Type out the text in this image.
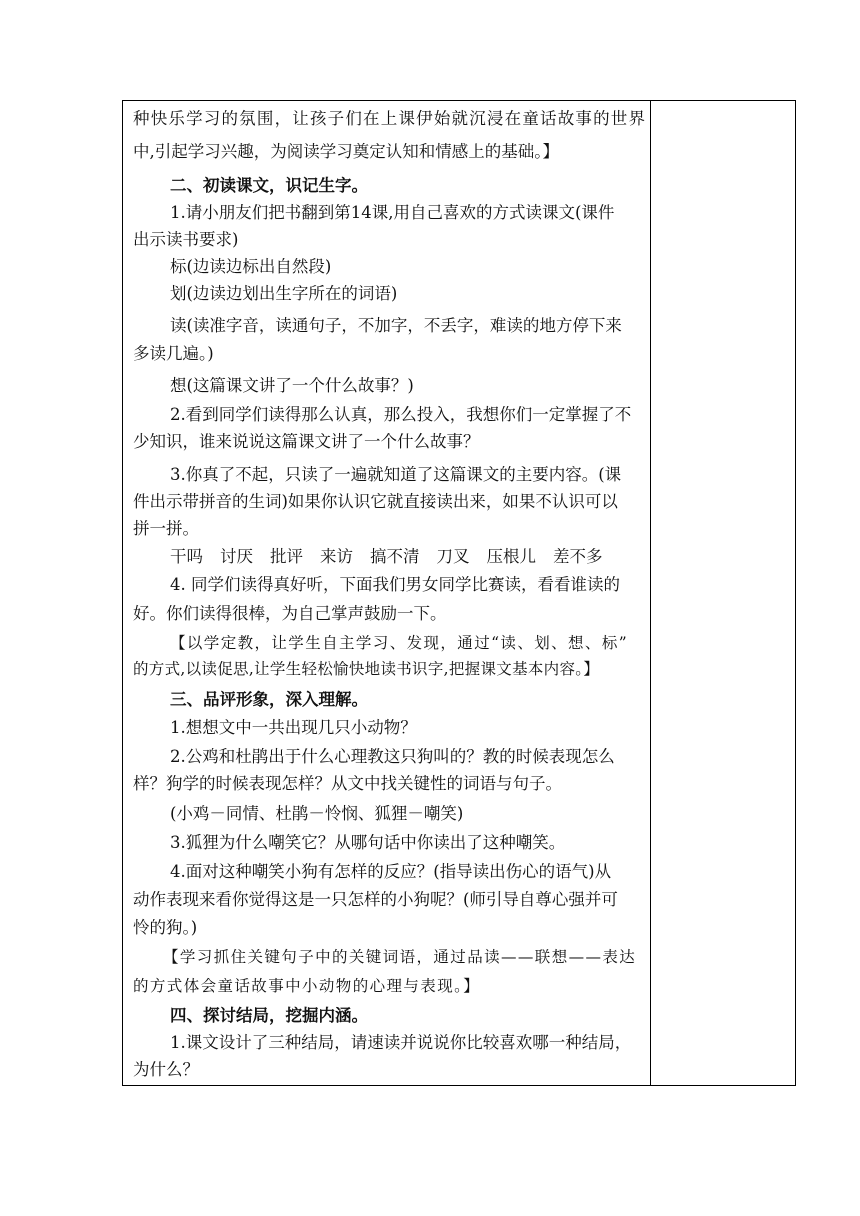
种快乐学习的氛围，让孩子们在上课伊始就沉浸在童话故事的世界
中,引起学习兴趣，为阅读学习奠定认知和情感上的基础。】
二、初读课文，识记生字。
1.请小朋友们把书翻到第14课,用自己喜欢的方式读课文(课件
出示读书要求)
标(边读边标出自然段)
划(边读边划出生字所在的词语)
读(读准字音，读通句子，不加字，不丢字，难读的地方停下来
多读几遍。)
想(这篇课文讲了一个什么故事？)
2.看到同学们读得那么认真，那么投入，我想你们一定掌握了不
少知识，谁来说说这篇课文讲了一个什么故事？
3.你真了不起，只读了一遍就知道了这篇课文的主要内容。(课
件出示带拼音的生词)如果你认识它就直接读出来，如果不认识可以
拼一拼。
干吗 讨厌 批评 来访 搞不清 刀叉 压根儿 差不多
4. 同学们读得真好听，下面我们男女同学比赛读，看看谁读的
好。你们读得很棒，为自己掌声鼓励一下。
【以学定教，让学生自主学习、发现，通过“读、划、想、标”
的方式,以读促思,让学生轻松愉快地读书识字,把握课文基本内容。】
三、品评形象，深入理解。
1.想想文中一共出现几只小动物？
2.公鸡和杜鹃出于什么心理教这只狗叫的？教的时候表现怎么
样？狗学的时候表现怎样？从文中找关键性的词语与句子。
(小鸡－同情、杜鹃－怜悯、狐狸－嘲笑)
3.狐狸为什么嘲笑它？从哪句话中你读出了这种嘲笑。
4.面对这种嘲笑小狗有怎样的反应？(指导读出伤心的语气)从
动作表现来看你觉得这是一只怎样的小狗呢？(师引导自尊心强并可
怜的狗。)
【学习抓住关键句子中的关键词语，通过品读——联想——表达
的方式体会童话故事中小动物的心理与表现。】
四、探讨结局，挖掘内涵。
1.课文设计了三种结局，请速读并说说你比较喜欢哪一种结局，
为什么？
